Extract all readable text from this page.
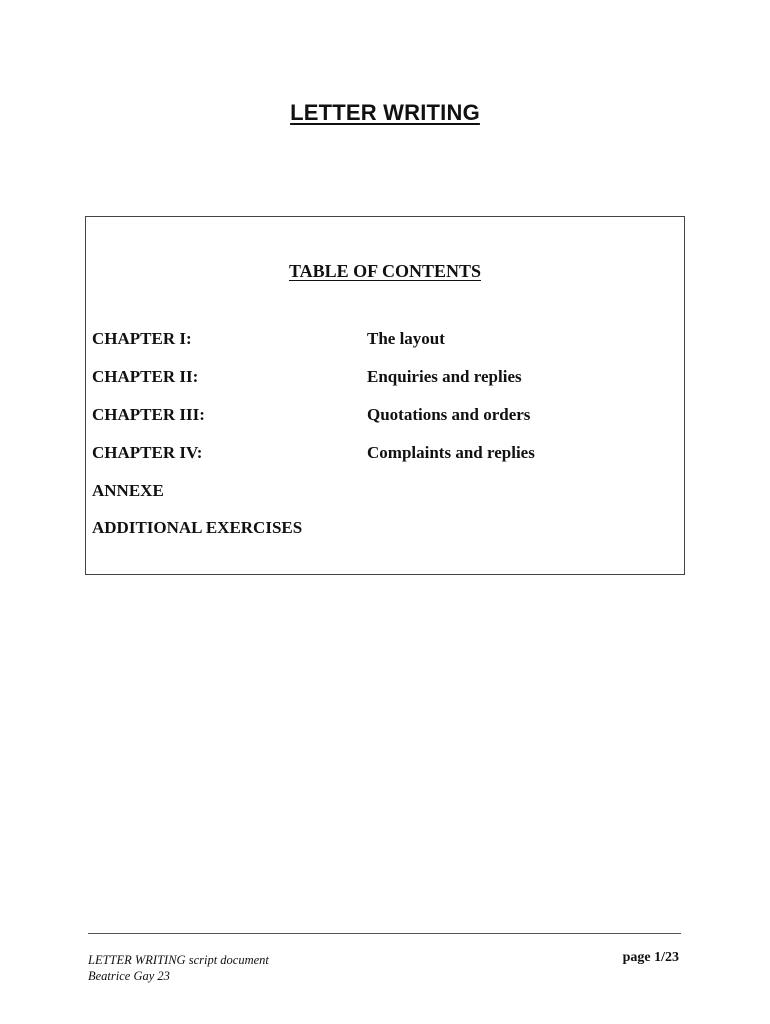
LETTER WRITING
TABLE OF CONTENTS
CHAPTER I:	The layout
CHAPTER II:	Enquiries and replies
CHAPTER III:	Quotations and orders
CHAPTER IV:	Complaints and replies
ANNEXE
ADDITIONAL EXERCISES
LETTER WRITING script document
Beatrice Gay 23
page 1/23
